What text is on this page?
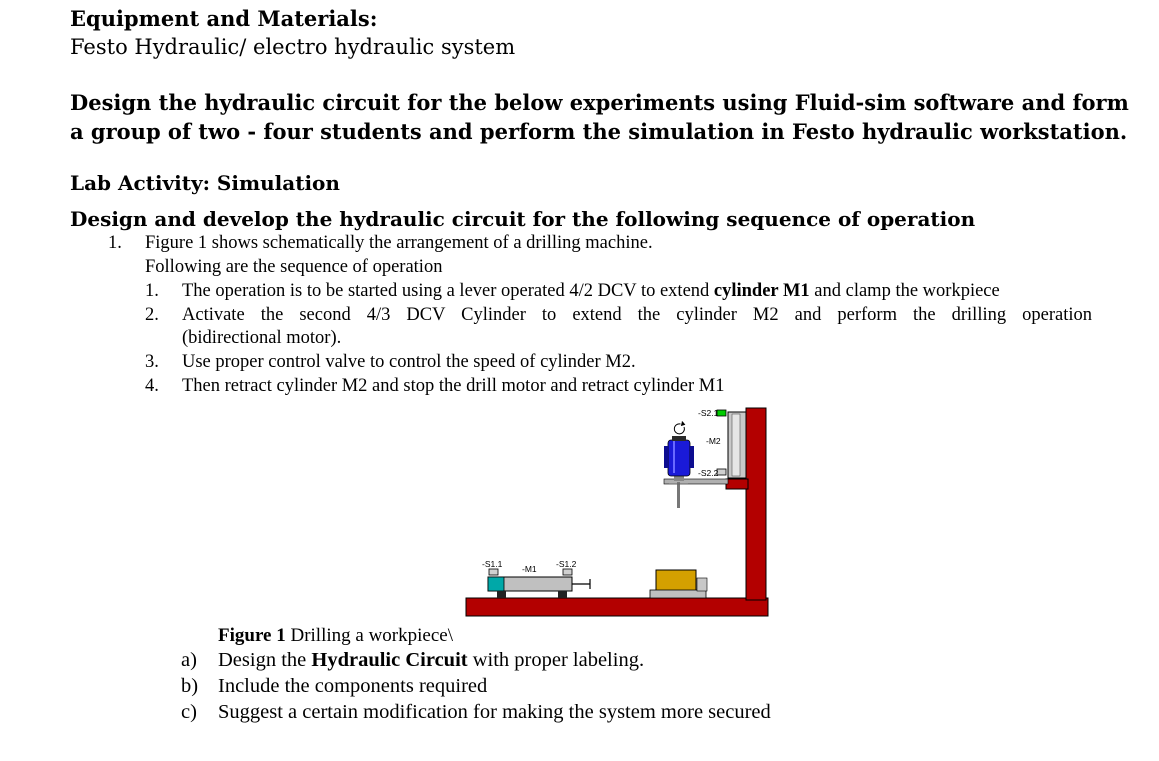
Equipment and Materials:
Festo Hydraulic/ electro hydraulic system
Design the hydraulic circuit for the below experiments using Fluid-sim software and form
a group of two - four students and perform the simulation in Festo hydraulic workstation.
Lab Activity: Simulation
Design and develop the hydraulic circuit for the following sequence of operation
1. Figure 1 shows schematically the arrangement of a drilling machine.
Following are the sequence of operation
1. The operation is to be started using a lever operated 4/2 DCV to extend cylinder M1 and clamp the workpiece
2. Activate the second 4/3 DCV Cylinder to extend the cylinder M2 and perform the drilling operation
(bidirectional motor).
3. Use proper control valve to control the speed of cylinder M2.
4. Then retract cylinder M2 and stop the drill motor and retract cylinder M1
-S2.1
-M2
-S2.2
-S1.1 -M1 -S1.2
Figure 1 Drilling a workpiece\
a) Design the Hydraulic Circuit with proper labeling.
b) Include the components required
c) Suggest a certain modification for making the system more secured
